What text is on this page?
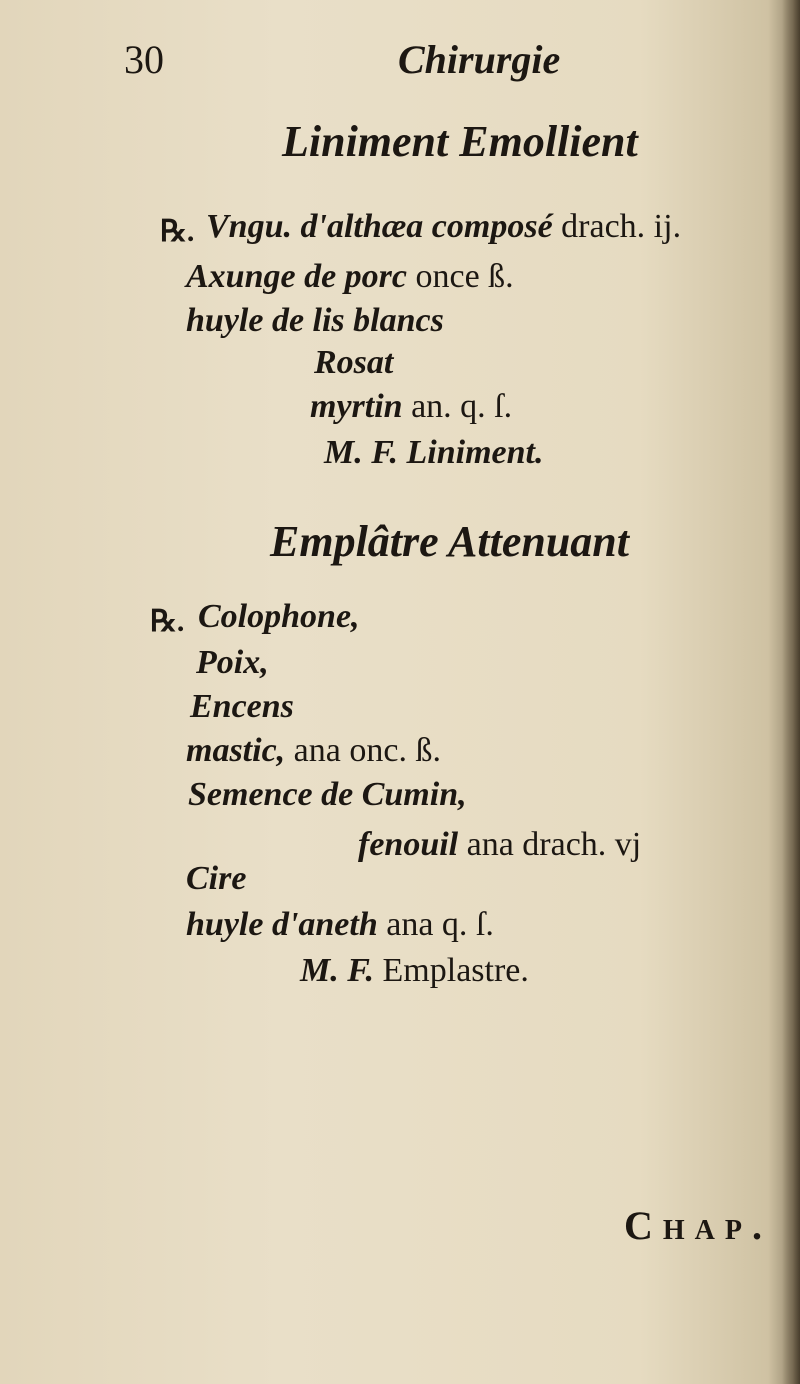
30	Chirurgie
Liniment Emollient
℞. Vngu. d'althæa composé drach. ij.
Axunge de porc once ß.
huyle de lis blancs
Rosat
myrtin an. q. ſ.
M. F. Liniment.
Emplâtre Attenuant
℞. Colophone,
Poix,
Encens
mastic, ana onc. ß.
Semence de Cumin,
fenouil ana drach. vj
Cire
huyle d'aneth ana q. ſ.
M. F. Emplastre.
Chap.
